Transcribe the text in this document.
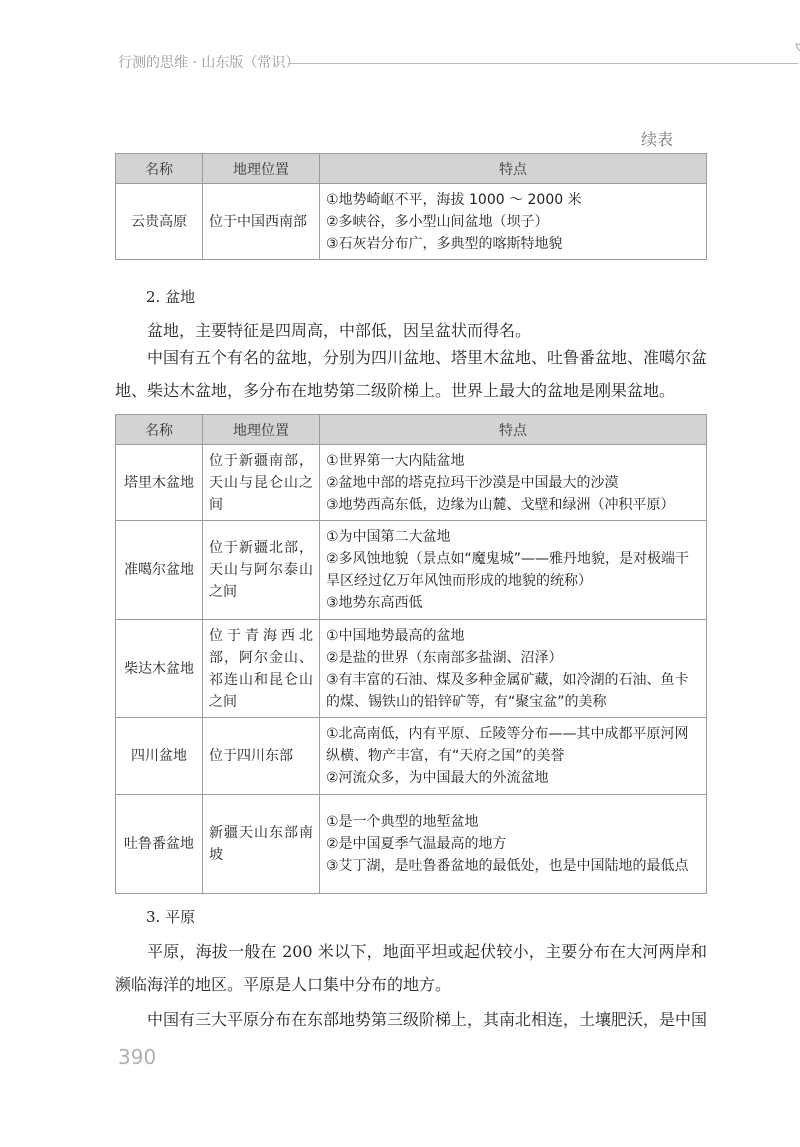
行测的思维 · 山东版（常识）
续表
名称	地理位置	特点
云贵高原	位于中国西南部	①地势崎岖不平，海拔 1000 ～ 2000 米
②多峡谷，多小型山间盆地（坝子）
③石灰岩分布广，多典型的喀斯特地貌
2. 盆地

盆地，主要特征是四周高，中部低，因呈盆状而得名。

中国有五个有名的盆地，分别为四川盆地、塔里木盆地、吐鲁番盆地、准噶尔盆地、柴达木盆地，多分布在地势第二级阶梯上。世界上最大的盆地是刚果盆地。

名称	地理位置	特点
塔里木盆地	位于新疆南部，天山与昆仑山之间	①世界第一大内陆盆地
②盆地中部的塔克拉玛干沙漠是中国最大的沙漠
③地势西高东低，边缘为山麓、戈壁和绿洲（冲积平原）

准噶尔盆地	位于新疆北部，天山与阿尔泰山之间	①为中国第二大盆地
②多风蚀地貌（景点如“魔鬼城”——雅丹地貌，是对极端干旱区经过亿万年风蚀而形成的地貌的统称）
③地势东高西低

柴达木盆地	位于青海西北部，阿尔金山、祁连山和昆仑山之间	①中国地势最高的盆地
②是盐的世界（东南部多盐湖、沼泽）
③有丰富的石油、煤及多种金属矿藏，如冷湖的石油、鱼卡的煤、锡铁山的铅锌矿等，有“聚宝盆”的美称

四川盆地	位于四川东部	①北高南低，内有平原、丘陵等分布——其中成都平原河网纵横、物产丰富，有“天府之国”的美誉
②河流众多，为中国最大的外流盆地

吐鲁番盆地	新疆天山东部南坡	①是一个典型的地堑盆地
②是中国夏季气温最高的地方
③艾丁湖，是吐鲁番盆地的最低处，也是中国陆地的最低点
3. 平原

平原，海拔一般在 200 米以下，地面平坦或起伏较小，主要分布在大河两岸和濒临海洋的地区。平原是人口集中分布的地方。

中国有三大平原分布在东部地势第三级阶梯上，其南北相连，土壤肥沃，是中国

390
